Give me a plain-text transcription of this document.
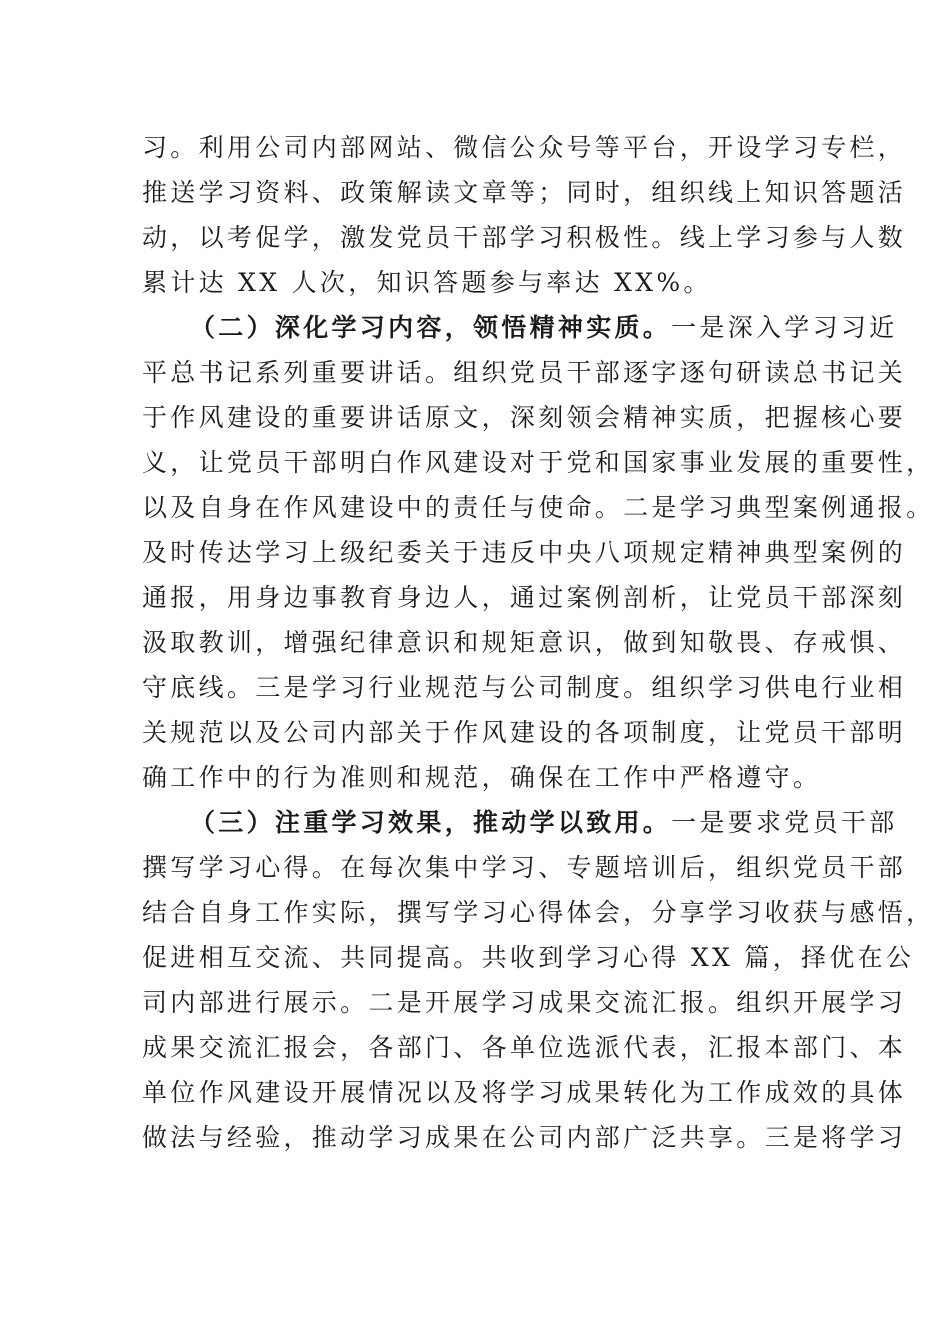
习。利用公司内部网站、微信公众号等平台，开设学习专栏，
推送学习资料、政策解读文章等；同时，组织线上知识答题活
动，以考促学，激发党员干部学习积极性。线上学习参与人数
累计达 XX 人次，知识答题参与率达 XX%。
（二）深化学习内容，领悟精神实质。一是深入学习习近
平总书记系列重要讲话。组织党员干部逐字逐句研读总书记关
于作风建设的重要讲话原文，深刻领会精神实质，把握核心要
义，让党员干部明白作风建设对于党和国家事业发展的重要性，
以及自身在作风建设中的责任与使命。二是学习典型案例通报。
及时传达学习上级纪委关于违反中央八项规定精神典型案例的
通报，用身边事教育身边人，通过案例剖析，让党员干部深刻
汲取教训，增强纪律意识和规矩意识，做到知敬畏、存戒惧、
守底线。三是学习行业规范与公司制度。组织学习供电行业相
关规范以及公司内部关于作风建设的各项制度，让党员干部明
确工作中的行为准则和规范，确保在工作中严格遵守。
（三）注重学习效果，推动学以致用。一是要求党员干部
撰写学习心得。在每次集中学习、专题培训后，组织党员干部
结合自身工作实际，撰写学习心得体会，分享学习收获与感悟，
促进相互交流、共同提高。共收到学习心得 XX 篇，择优在公
司内部进行展示。二是开展学习成果交流汇报。组织开展学习
成果交流汇报会，各部门、各单位选派代表，汇报本部门、本
单位作风建设开展情况以及将学习成果转化为工作成效的具体
做法与经验，推动学习成果在公司内部广泛共享。三是将学习
